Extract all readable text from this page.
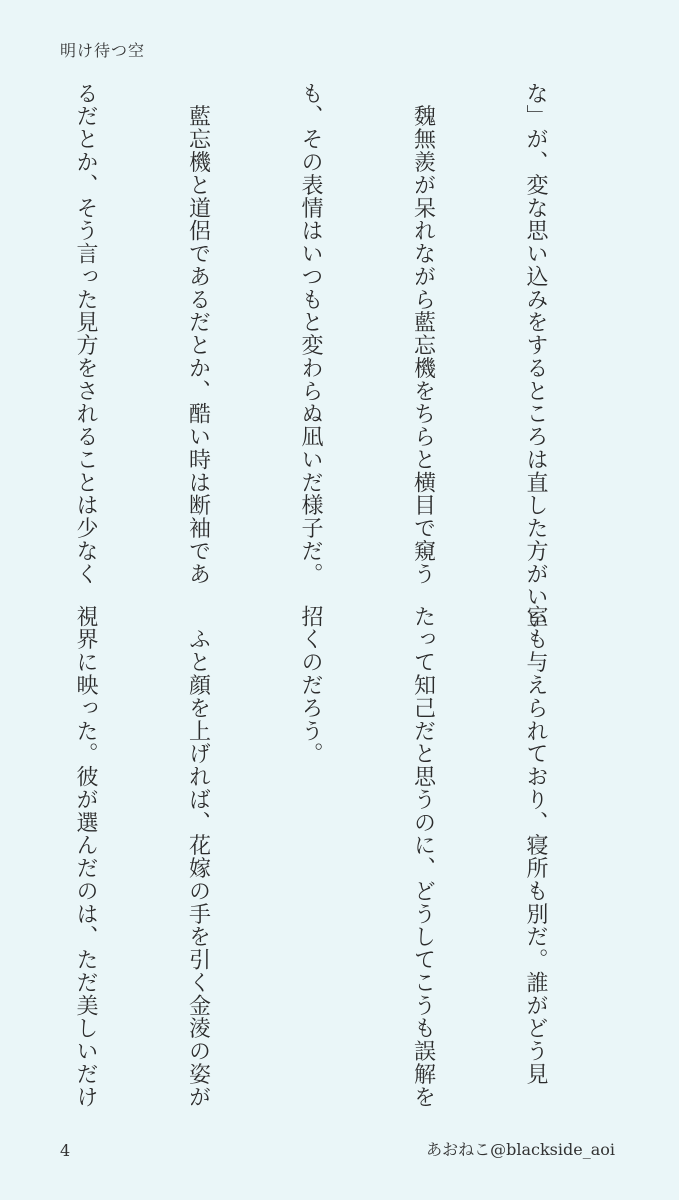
明け待つ空

な」が、変な思い込みをするところは直した方がいい

　魏無羨が呆れながら藍忘機をちらと横目で窺う

も、その表情はいつもと変わらぬ凪いだ様子だ。

　藍忘機と道侶であるだとか、酷い時は断袖であ

るだとか、そう言った見方をされることは少なく

室も与えられており、寝所も別だ。誰がどう見

たって知己だと思うのに、どうしてこうも誤解を

招くのだろう。

　ふと顔を上げれば、花嫁の手を引く金淩の姿が

視界に映った。彼が選んだのは、ただ美しいだけ

4	あおねこ@blackside_aoi
